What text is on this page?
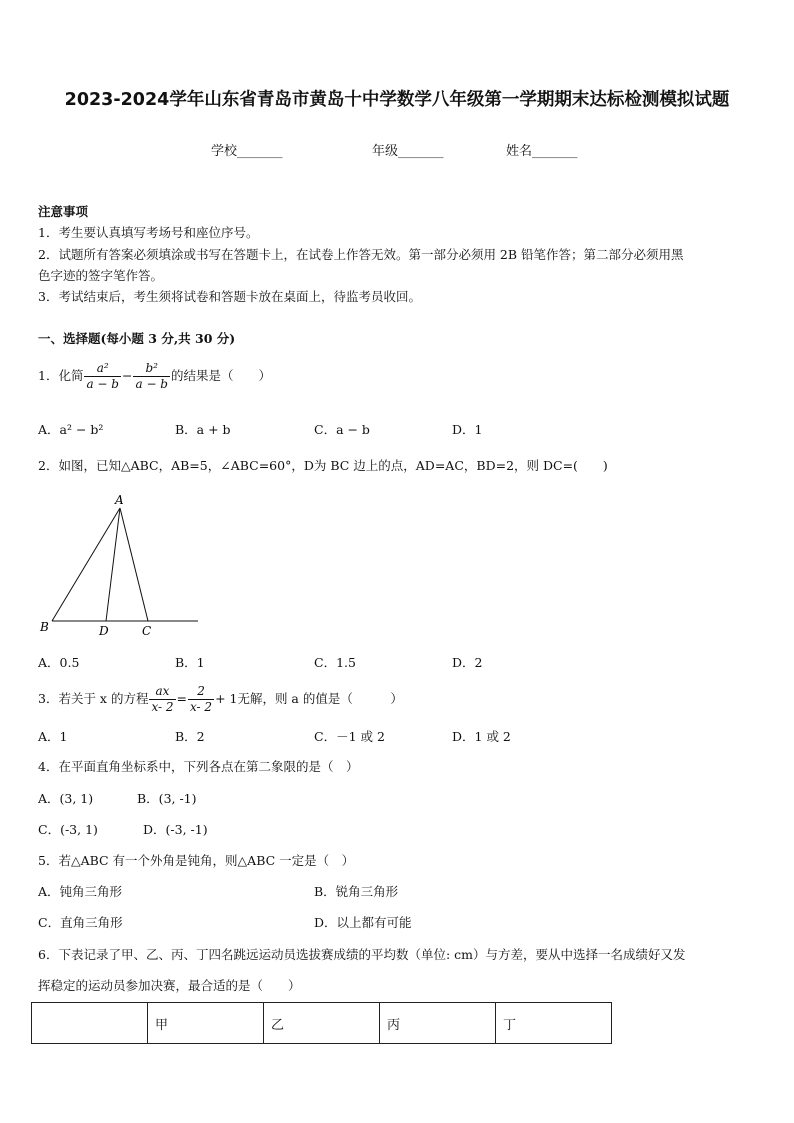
2023-2024学年山东省青岛市黄岛十中学数学八年级第一学期期末达标检测模拟试题
学校_______	年级_______	姓名_______
注意事项
1．考生要认真填写考场号和座位序号。
2．试题所有答案必须填涂或书写在答题卡上，在试卷上作答无效。第一部分必须用 2B 铅笔作答；第二部分必须用黑
色字迹的签字笔作答。
3．考试结束后，考生须将试卷和答题卡放在桌面上，待监考员收回。
一、选择题(每小题 3 分,共 30 分)
1．化简 $\frac{\text{a²}}{a - b} - \frac{\text{b²}}{a - b}$ 的结果是（　　）
A．a² − b²	B．a + b	C．a − b	D．1
2．如图，已知△ABC，AB=5，∠ABC=60°，D为 BC 边上的点，AD=AC，BD=2，则 DC=(　　)
A
B	D	C
A．0.5	B．1	C．1.5	D．2
3．若关于 x 的方程 $\frac{ax}{x- 2} = \frac{2}{x- 2} + 1$无解，则 a 的值是（　　　）
A．1	B．2	C．－1 或 2	D．1 或 2
4．在平面直角坐标系中，下列各点在第二象限的是（　）
A．(3, 1)	B．(3, -1)
C．(-3, 1)	D．(-3, -1)
5．若△ABC 有一个外角是钝角，则△ABC 一定是（　）
A．钝角三角形	B．锐角三角形
C．直角三角形	D．以上都有可能
6．下表记录了甲、乙、丙、丁四名跳远运动员选拔赛成绩的平均数（单位: cm）与方差，要从中选择一名成绩好又发
挥稳定的运动员参加决赛，最合适的是（　　）
	甲	乙	丙	丁
